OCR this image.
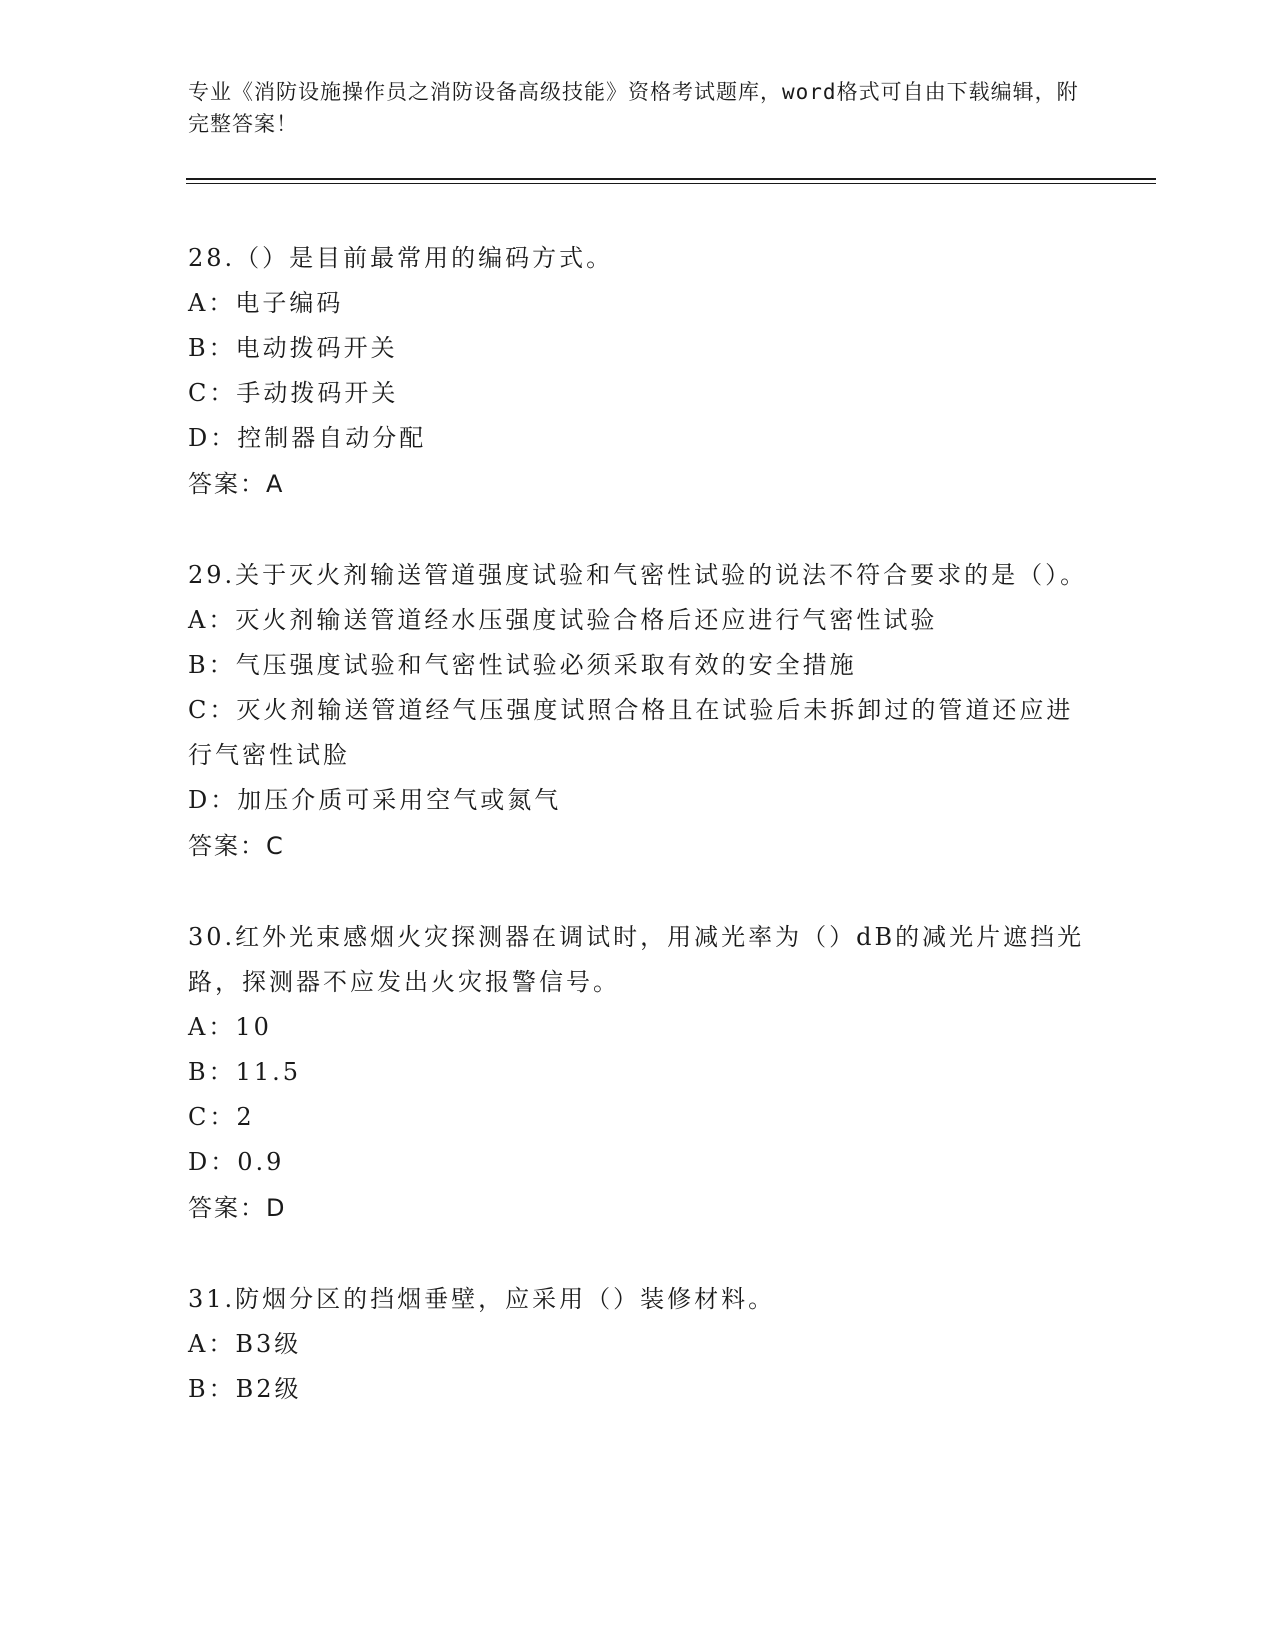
专业《消防设施操作员之消防设备高级技能》资格考试题库，word格式可自由下载编辑，附完整答案！
28.（）是目前最常用的编码方式。
A：电子编码
B：电动拨码开关
C：手动拨码开关
D：控制器自动分配
答案：A
29.关于灭火剂输送管道强度试验和气密性试验的说法不符合要求的是（）。
A：灭火剂输送管道经水压强度试验合格后还应进行气密性试验
B：气压强度试验和气密性试验必须采取有效的安全措施
C：灭火剂输送管道经气压强度试照合格且在试验后未拆卸过的管道还应进行气密性试脸
D：加压介质可采用空气或氮气
答案：C
30.红外光束感烟火灾探测器在调试时，用减光率为（）dB的减光片遮挡光路，探测器不应发出火灾报警信号。
A：10
B：11.5
C：2
D：0.9
答案：D
31.防烟分区的挡烟垂壁，应采用（）装修材料。
A：B3级
B：B2级
